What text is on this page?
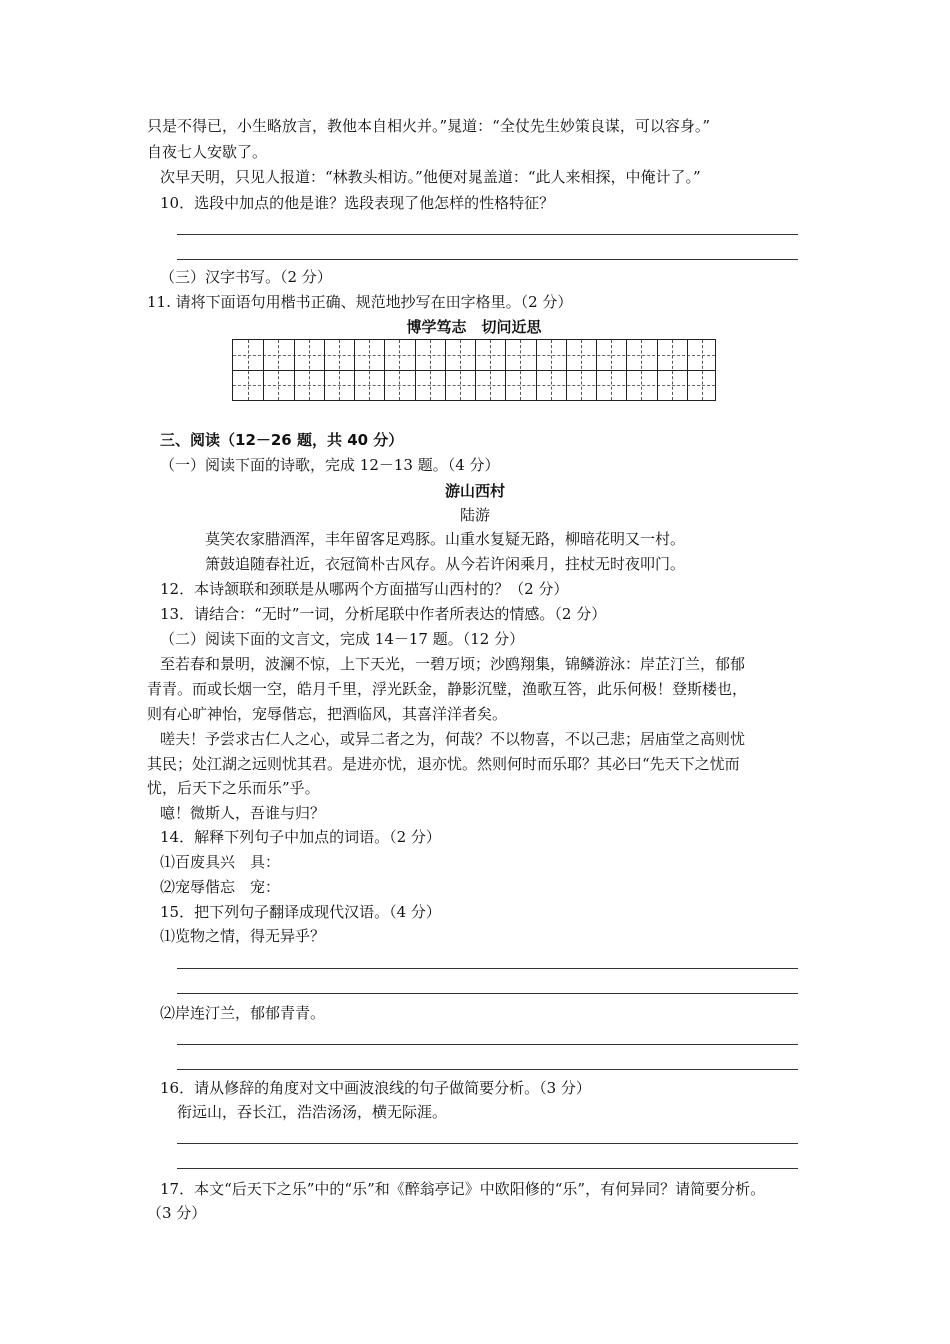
只是不得已，小生略放言，教他本自相火并。”晁道：“全仗先生妙策良谋，可以容身。”
自夜七人安歇了。
次早天明，只见人报道：“林教头相访。”他便对晁盖道：“此人来相探，中俺计了。”
10．选段中加点的他是谁？选段表现了他怎样的性格特征？
（三）汉字书写。（2 分）
11. 请将下面语句用楷书正确、规范地抄写在田字格里。（2 分）
博学笃志　切问近思
三、阅读（12－26 题，共 40 分）
（一）阅读下面的诗歌，完成 12－13 题。（4 分）
游山西村
陆游
莫笑农家腊酒浑，丰年留客足鸡豚。山重水复疑无路，柳暗花明又一村。
箫鼓追随春社近，衣冠简朴古风存。从今若许闲乘月，拄杖无时夜叩门。
12．本诗颔联和颈联是从哪两个方面描写山西村的？（2 分）
13．请结合：“无时”一词，分析尾联中作者所表达的情感。（2 分）
（二）阅读下面的文言文，完成 14－17 题。（12 分）
至若春和景明，波澜不惊，上下天光，一碧万顷；沙鸥翔集，锦鳞游泳：岸芷汀兰，郁郁
青青。而或长烟一空，皓月千里，浮光跃金，静影沉璧，渔歌互答，此乐何极！登斯楼也，
则有心旷神怡，宠辱偕忘，把酒临风，其喜洋洋者矣。
嗟夫！予尝求古仁人之心，或异二者之为，何哉？不以物喜，不以己悲；居庙堂之高则忧
其民；处江湖之远则忧其君。是进亦忧，退亦忧。然则何时而乐耶？其必曰“先天下之忧而
忧，后天下之乐而乐”乎。
噫！微斯人，吾谁与归？
14．解释下列句子中加点的词语。（2 分）
⑴百废具兴　具：
⑵宠辱偕忘　宠：
15．把下列句子翻译成现代汉语。（4 分）
⑴览物之情，得无异乎？
⑵岸连汀兰，郁郁青青。
16．请从修辞的角度对文中画波浪线的句子做简要分析。（3 分）
衔远山，吞长江，浩浩汤汤，横无际涯。
17．本文“后天下之乐”中的“乐”和《醉翁亭记》中欧阳修的“乐”，有何异同？请简要分析。
（3 分）
